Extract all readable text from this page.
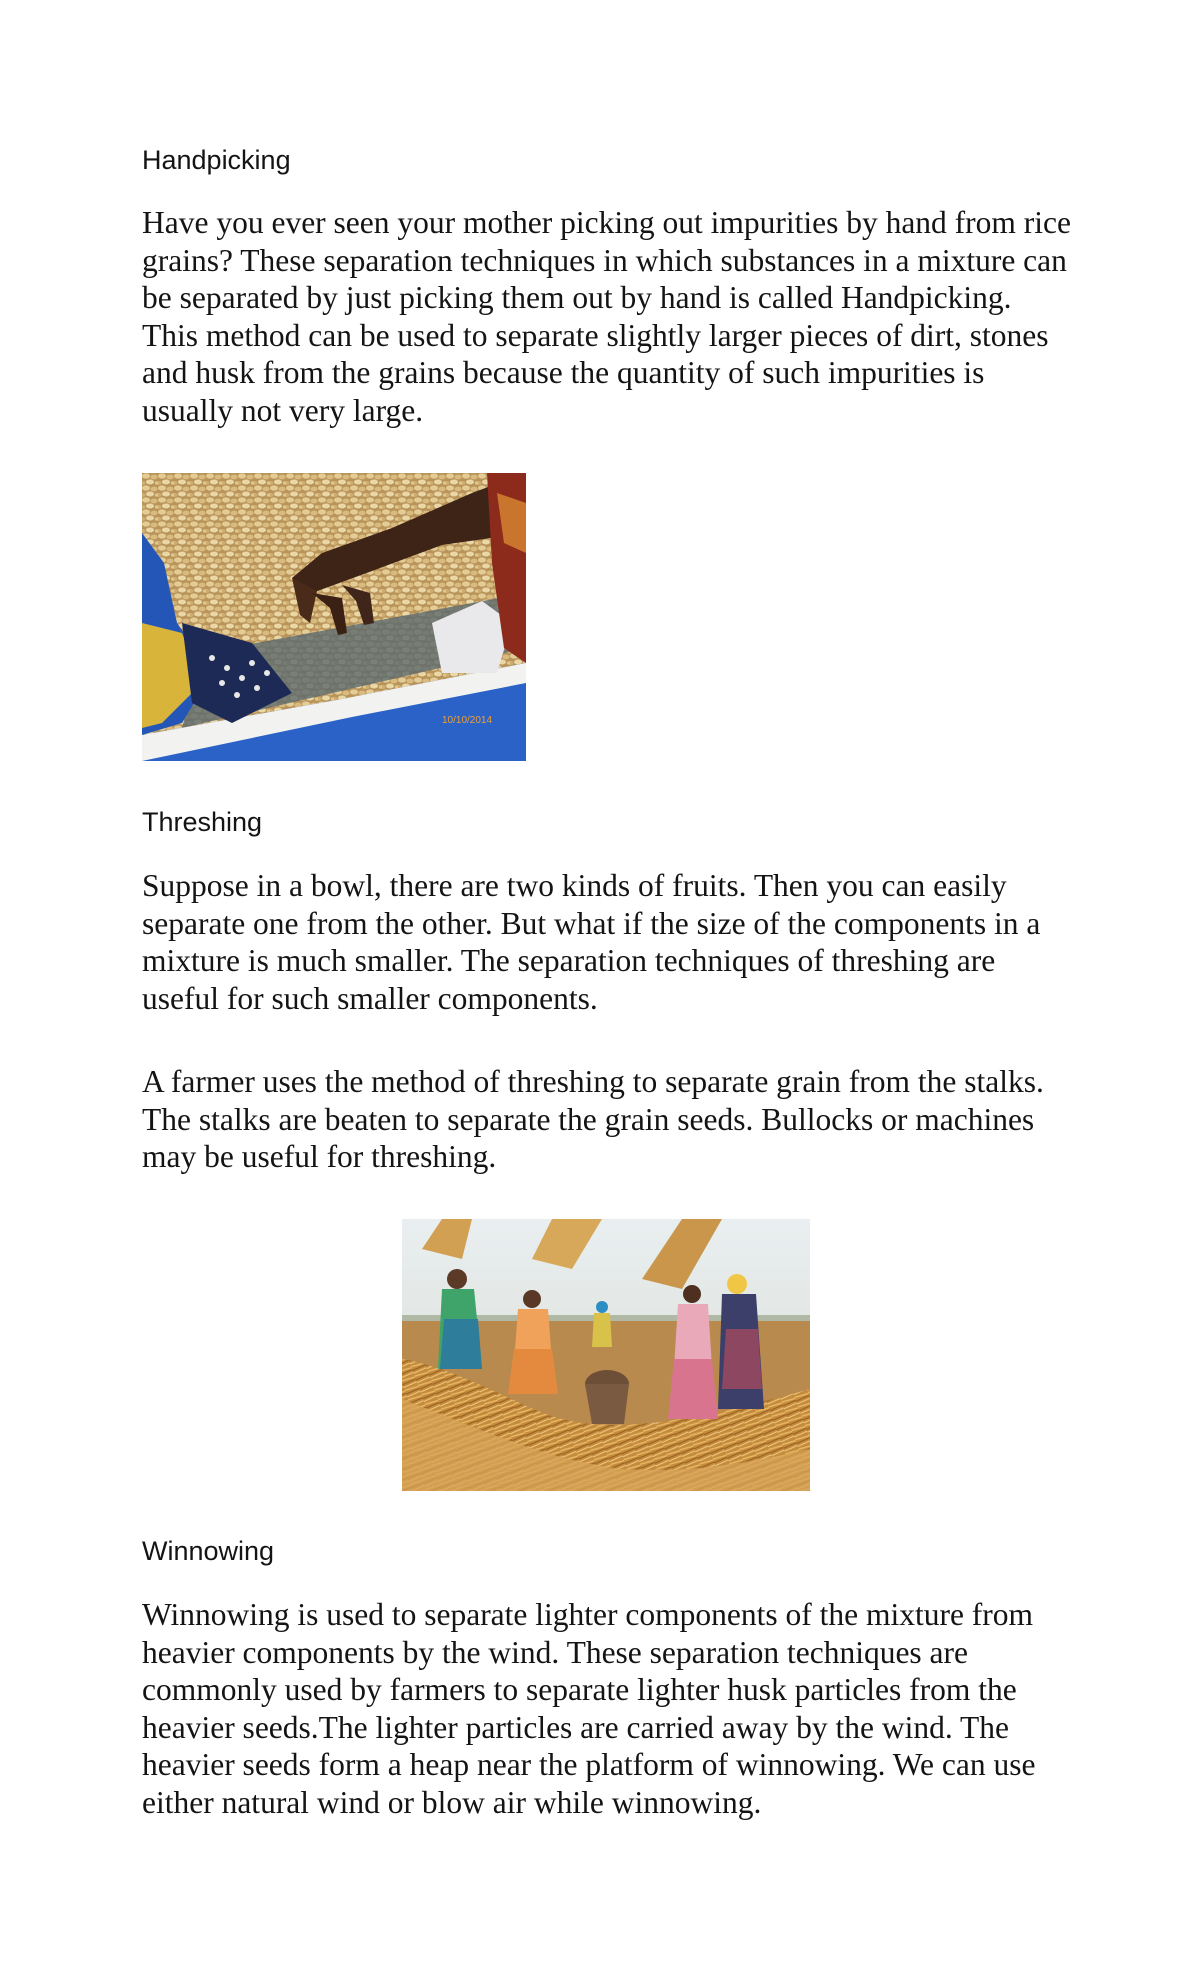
Handpicking

Have you ever seen your mother picking out impurities by hand from rice grains? These separation techniques in which substances in a mixture can be separated by just picking them out by hand is called Handpicking. This method can be used to separate slightly larger pieces of dirt, stones and husk from the grains because the quantity of such impurities is usually not very large.

10/10/2014
Threshing

Suppose in a bowl, there are two kinds of fruits. Then you can easily separate one from the other. But what if the size of the components in a mixture is much smaller. The separation techniques of threshing are useful for such smaller components.

A farmer uses the method of threshing to separate grain from the stalks. The stalks are beaten to separate the grain seeds. Bullocks or machines may be useful for threshing.

Winnowing

Winnowing is used to separate lighter components of the mixture from heavier components by the wind. These separation techniques are commonly used by farmers to separate lighter husk particles from the heavier seeds.The lighter particles are carried away by the wind. The heavier seeds form a heap near the platform of winnowing. We can use either natural wind or blow air while winnowing.
